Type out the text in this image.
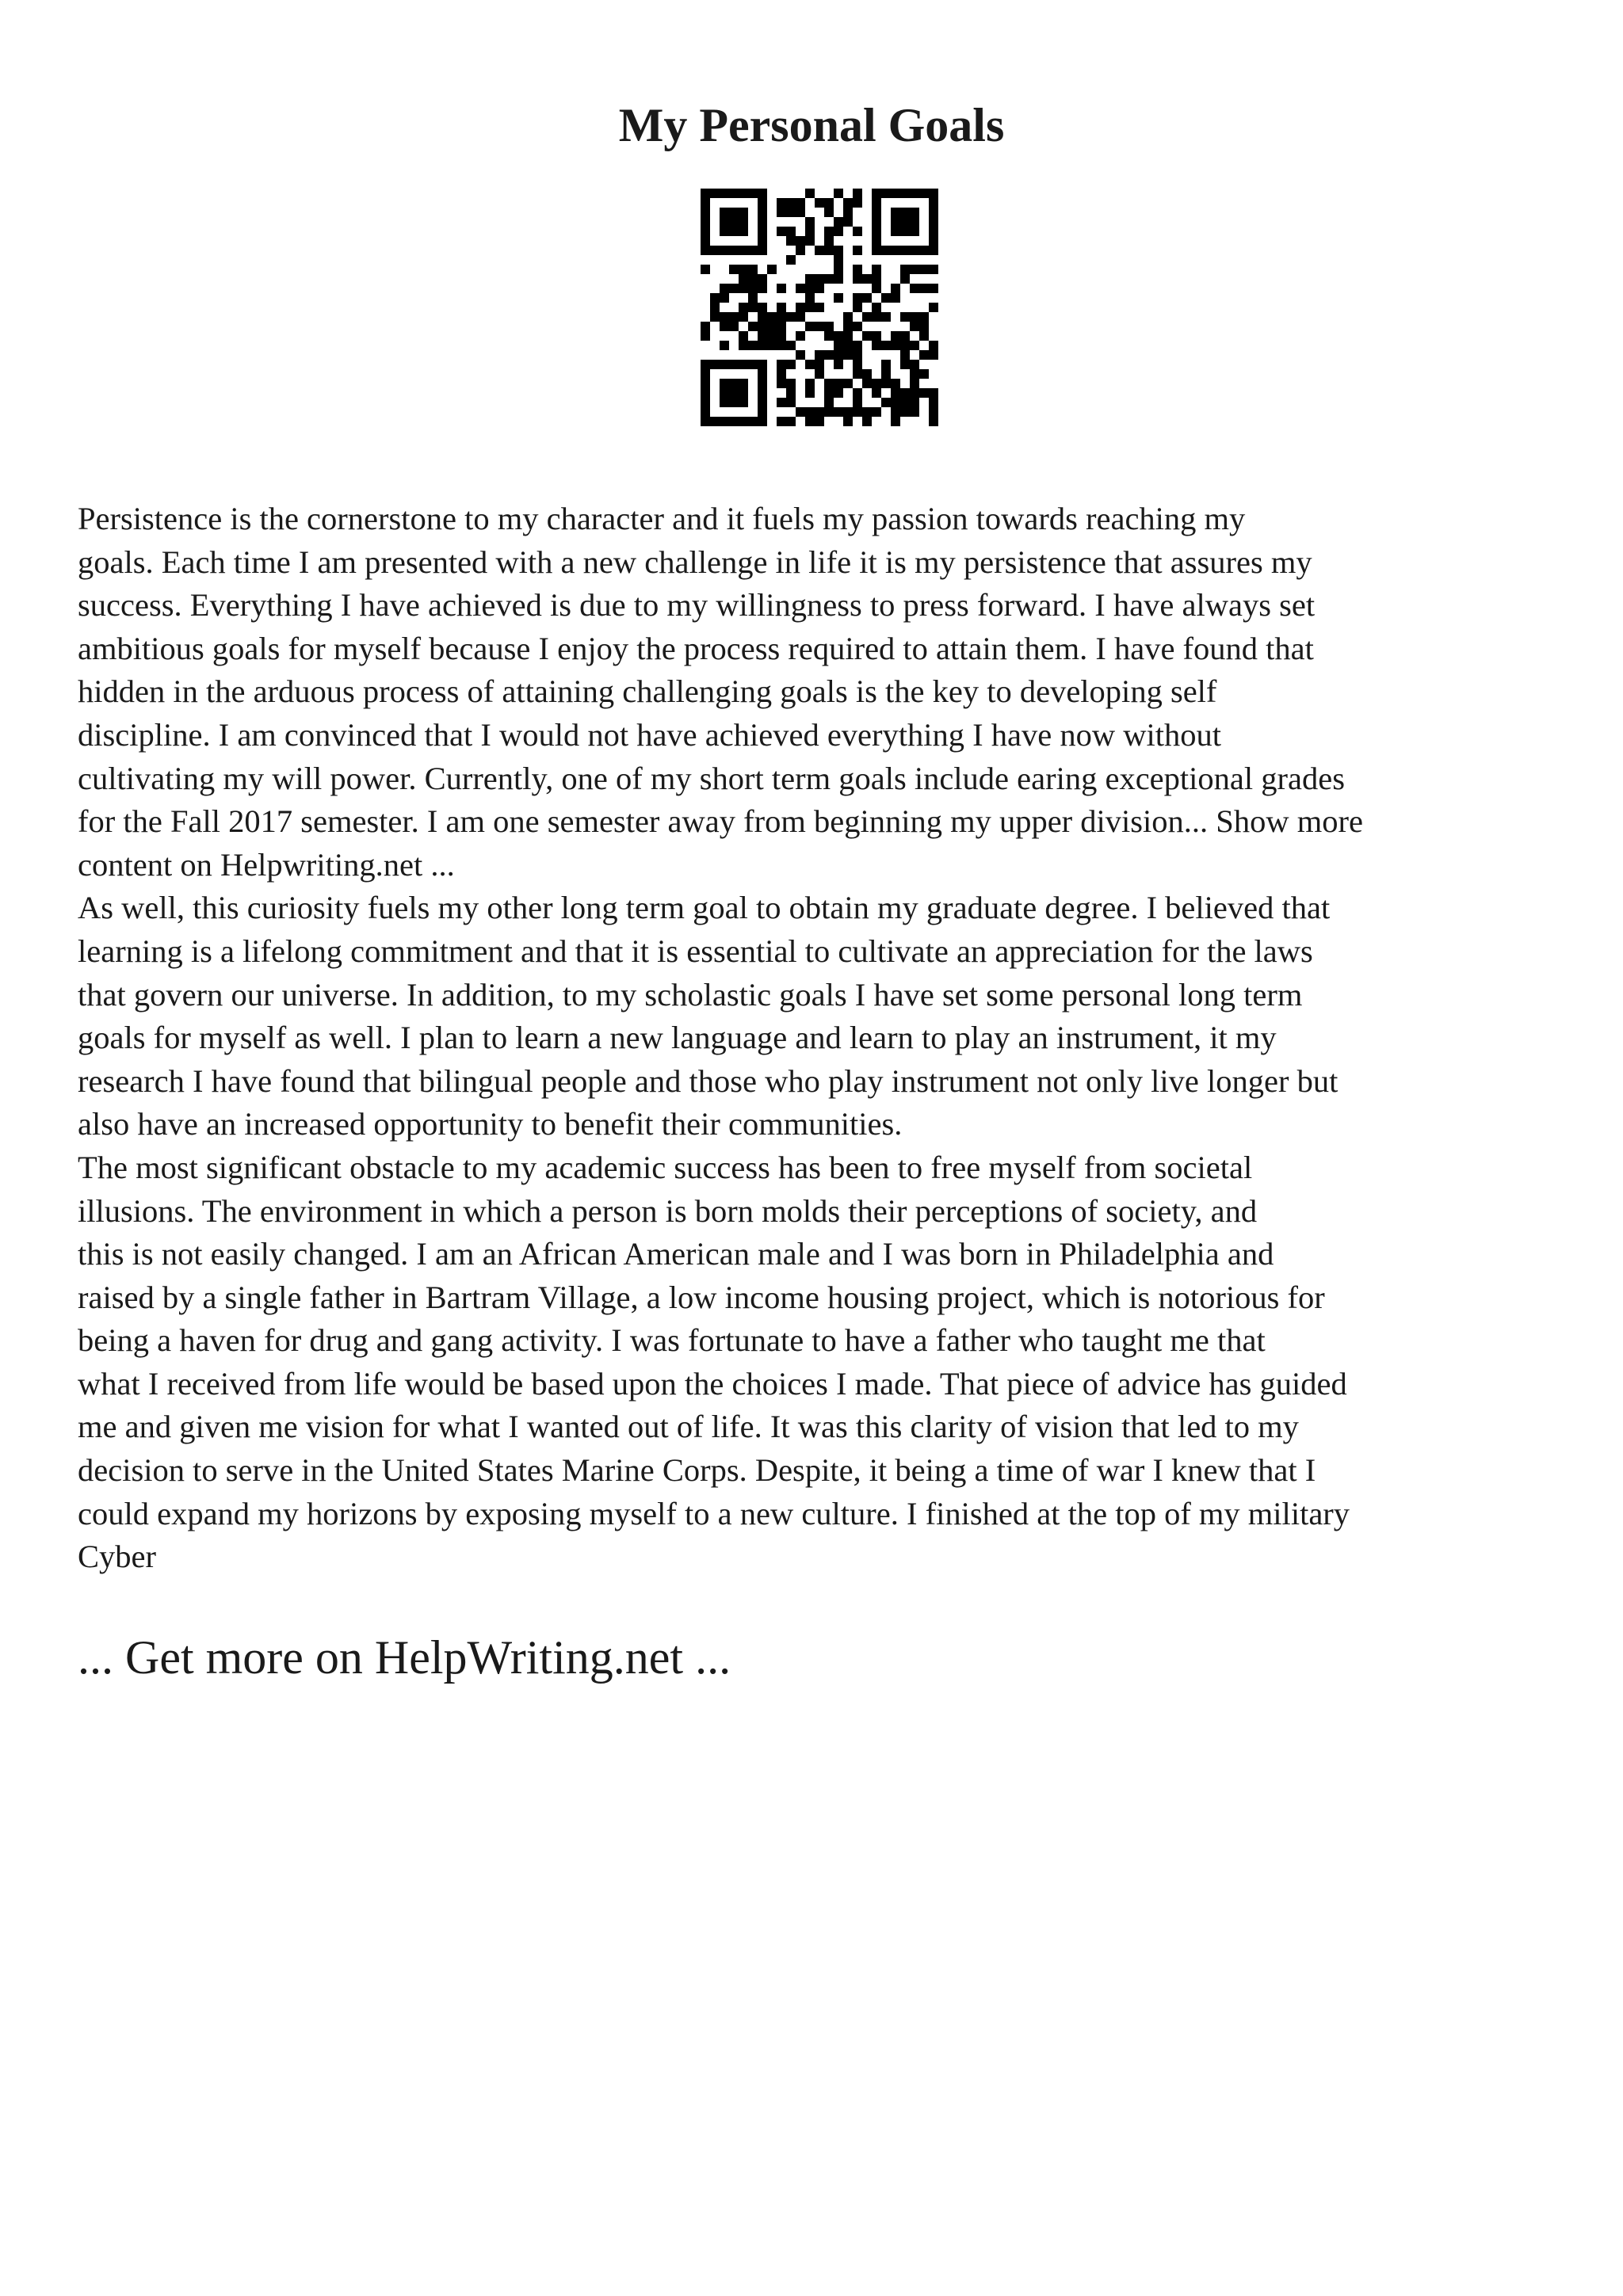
My Personal Goals
Persistence is the cornerstone to my character and it fuels my passion towards reaching my
goals. Each time I am presented with a new challenge in life it is my persistence that assures my
success. Everything I have achieved is due to my willingness to press forward. I have always set
ambitious goals for myself because I enjoy the process required to attain them. I have found that
hidden in the arduous process of attaining challenging goals is the key to developing self
discipline. I am convinced that I would not have achieved everything I have now without
cultivating my will power. Currently, one of my short term goals include earing exceptional grades
for the Fall 2017 semester. I am one semester away from beginning my upper division... Show more
content on Helpwriting.net ...
As well, this curiosity fuels my other long term goal to obtain my graduate degree. I believed that
learning is a lifelong commitment and that it is essential to cultivate an appreciation for the laws
that govern our universe. In addition, to my scholastic goals I have set some personal long term
goals for myself as well. I plan to learn a new language and learn to play an instrument, it my
research I have found that bilingual people and those who play instrument not only live longer but
also have an increased opportunity to benefit their communities.
The most significant obstacle to my academic success has been to free myself from societal
illusions. The environment in which a person is born molds their perceptions of society, and
this is not easily changed. I am an African American male and I was born in Philadelphia and
raised by a single father in Bartram Village, a low income housing project, which is notorious for
being a haven for drug and gang activity. I was fortunate to have a father who taught me that
what I received from life would be based upon the choices I made. That piece of advice has guided
me and given me vision for what I wanted out of life. It was this clarity of vision that led to my
decision to serve in the United States Marine Corps. Despite, it being a time of war I knew that I
could expand my horizons by exposing myself to a new culture. I finished at the top of my military
Cyber
... Get more on HelpWriting.net ...
